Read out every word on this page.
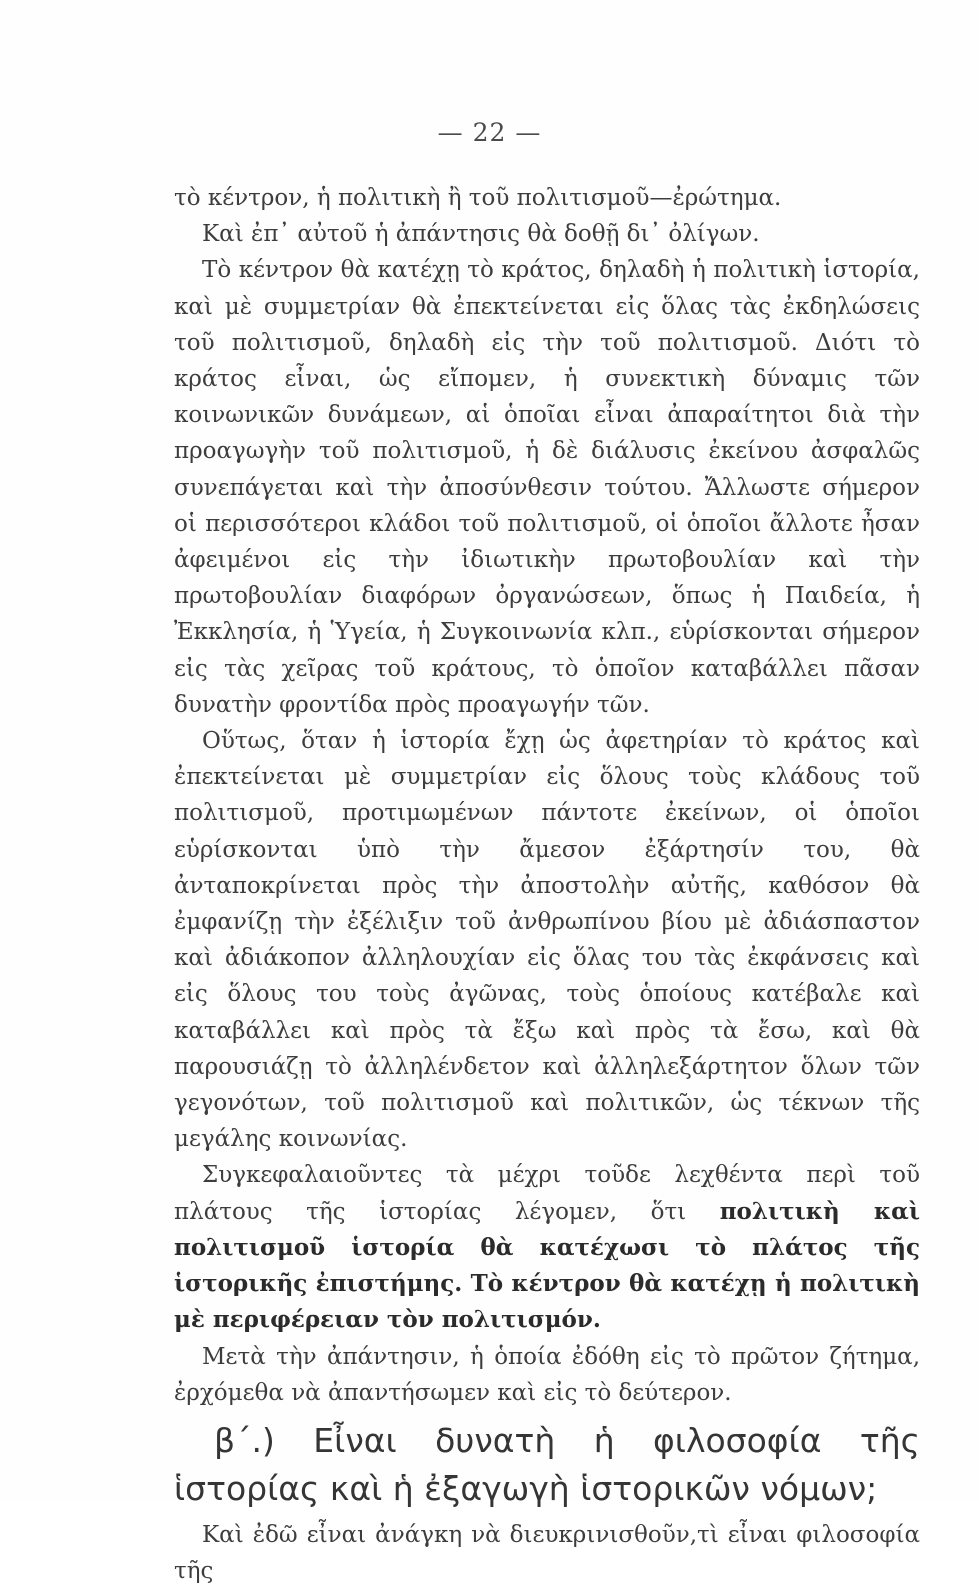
— 22 —

τὸ κέντρον, ἡ πολιτικὴ ἢ τοῦ πολιτισμοῦ—ἐρώτημα.

Καὶ ἐπ᾽ αὐτοῦ ἡ ἀπάντησις θὰ δοθῇ δι᾽ ὀλίγων.

Τὸ κέντρον θὰ κατέχῃ τὸ κράτος, δηλαδὴ ἡ πολιτικὴ ἱστορία, καὶ μὲ συμμετρίαν θὰ ἐπεκτείνεται εἰς ὅλας τὰς ἐκδηλώσεις τοῦ πολιτισμοῦ, δηλαδὴ εἰς τὴν τοῦ πολιτισμοῦ. Διότι τὸ κράτος εἶναι, ὡς εἴπομεν, ἡ συνεκτικὴ δύναμις τῶν κοινωνικῶν δυνάμεων, αἱ ὁποῖαι εἶναι ἀπαραίτητοι διὰ τὴν προαγωγὴν τοῦ πολιτισμοῦ, ἡ δὲ διάλυσις ἐκείνου ἀσφαλῶς συνεπάγεται καὶ τὴν ἀποσύνθεσιν τούτου. Ἄλλωστε σήμερον οἱ περισσότεροι κλάδοι τοῦ πολιτισμοῦ, οἱ ὁποῖοι ἄλλοτε ἦσαν ἀφειμένοι εἰς τὴν ἰδιωτικὴν πρωτοβουλίαν καὶ τὴν πρωτοβουλίαν διαφόρων ὀργανώσεων, ὅπως ἡ Παιδεία, ἡ Ἐκκλησία, ἡ Ὑγεία, ἡ Συγκοινωνία κλπ., εὑρίσκονται σήμερον εἰς τὰς χεῖρας τοῦ κράτους, τὸ ὁποῖον καταβάλλει πᾶσαν δυνατὴν φροντίδα πρὸς προαγωγήν τῶν.

Οὕτως, ὅταν ἡ ἱστορία ἔχῃ ὡς ἀφετηρίαν τὸ κράτος καὶ ἐπεκτείνεται μὲ συμμετρίαν εἰς ὅλους τοὺς κλάδους τοῦ πολιτισμοῦ, προτιμωμένων πάντοτε ἐκείνων, οἱ ὁποῖοι εὑρίσκονται ὑπὸ τὴν ἄμεσον ἐξάρτησίν του, θὰ ἀνταποκρίνεται πρὸς τὴν ἀποστολὴν αὐτῆς, καθόσον θὰ ἐμφανίζῃ τὴν ἐξέλιξιν τοῦ ἀνθρωπίνου βίου μὲ ἀδιάσπαστον καὶ ἀδιάκοπον ἀλληλουχίαν εἰς ὅλας του τὰς ἐκφάνσεις καὶ εἰς ὅλους του τοὺς ἀγῶνας, τοὺς ὁποίους κατέβαλε καὶ καταβάλλει καὶ πρὸς τὰ ἔξω καὶ πρὸς τὰ ἔσω, καὶ θὰ παρουσιάζῃ τὸ ἀλληλένδετον καὶ ἀλληλεξάρτητον ὅλων τῶν γεγονότων, τοῦ πολιτισμοῦ καὶ πολιτικῶν, ὡς τέκνων τῆς μεγάλης κοινωνίας.

Συγκεφαλαιοῦντες τὰ μέχρι τοῦδε λεχθέντα περὶ τοῦ πλάτους τῆς ἱστορίας λέγομεν, ὅτι πολιτικὴ καὶ πολιτισμοῦ ἱστορία θὰ κατέχωσι τὸ πλάτος τῆς ἱστορικῆς ἐπιστήμης. Τὸ κέντρον θὰ κατέχῃ ἡ πολιτικὴ μὲ περιφέρειαν τὸν πολιτισμόν.

Μετὰ τὴν ἀπάντησιν, ἡ ὁποία ἐδόθη εἰς τὸ πρῶτον ζήτημα, ἐρχόμεθα νὰ ἀπαντήσωμεν καὶ εἰς τὸ δεύτερον.

β΄.) Εἶναι δυνατὴ ἡ φιλοσοφία τῆς ἱστορίας καὶ ἡ ἐξαγωγὴ ἱστορικῶν νόμων;

Καὶ ἐδῶ εἶναι ἀνάγκη νὰ διευκρινισθοῦν,τὶ εἶναι φιλοσοφία τῆς
